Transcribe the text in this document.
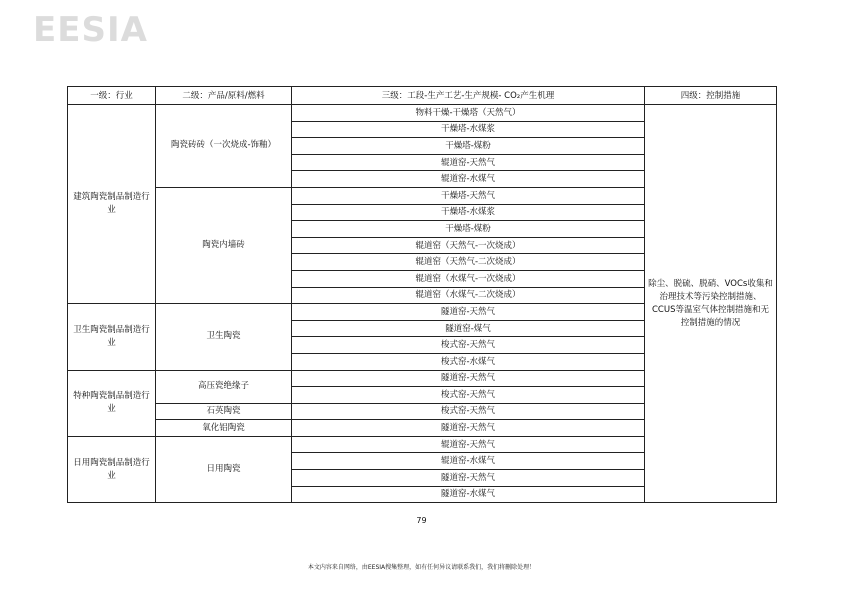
EESIA
一级：行业	二级：产品/原料/燃料	三级：工段-生产工艺-生产规模- CO₂产生机理	四级：控制措施
建筑陶瓷制品制造行业	陶瓷砖砖（一次烧成-饰釉）	物料干燥-干燥塔（天然气）	除尘、脱硫、脱硝、VOCs收集和治理技术等污染控制措施、CCUS等温室气体控制措施和无控制措施的情况
		干燥塔-水煤浆	
		干燥塔-煤粉	
		辊道窑-天然气	
		辊道窑-水煤气	
	陶瓷内墙砖	干燥塔-天然气	
		干燥塔-水煤浆	
		干燥塔-煤粉	
		辊道窑（天然气-一次烧成）	
		辊道窑（天然气-二次烧成）	
		辊道窑（水煤气-一次烧成）	
		辊道窑（水煤气-二次烧成）	
卫生陶瓷制品制造行业	卫生陶瓷	隧道窑-天然气	
		隧道窑-煤气	
		梭式窑-天然气	
		梭式窑-水煤气	
特种陶瓷制品制造行业	高压瓷绝缘子	隧道窑-天然气	
		梭式窑-天然气	
	石英陶瓷	梭式窑-天然气	
	氧化铝陶瓷	隧道窑-天然气	
日用陶瓷制品制造行业	日用陶瓷	辊道窑-天然气	
		辊道窑-水煤气	
		隧道窑-天然气	
		隧道窑-水煤气	
79
本文内容来自网络，由EESIA搜集整理，如有任何异议请联系我们，我们将删除处理！
